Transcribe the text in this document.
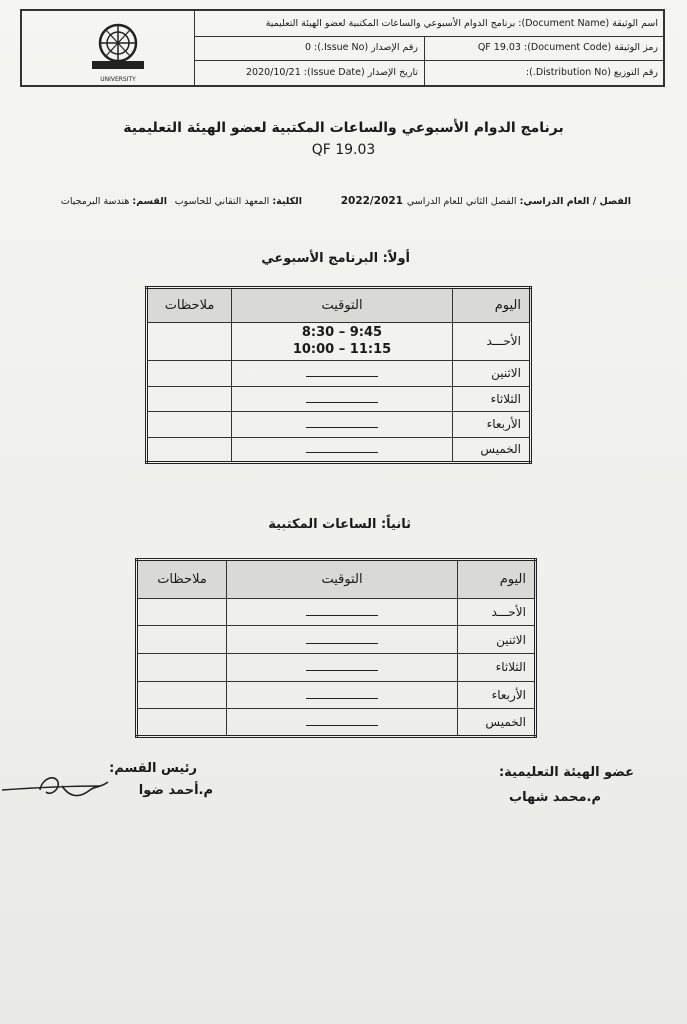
UNIVERSITY
اسم الوثيقة (Document Name): برنامج الدوام الأسبوعي والساعات المكتبية لعضو الهيئة التعليمية
رمز الوثيقة (Document Code): QF 19.03
رقم الإصدار (Issue No.): 0
رقم التوزيع (Distribution No.):
تاريخ الإصدار (Issue Date): 2020/10/21
برنامج الدوام الأسبوعي والساعات المكتبية لعضو الهيئة التعليمية
QF 19.03
الفصل / العام الدراسي: الفصل الثاني للعام الدراسي
2022/2021
الكلية: المعهد التقاني للحاسوب
القسم: هندسة البرمجيات
أولاً: البرنامج الأسبوعي
اليوم	التوقيت	ملاحظات
الأحـــد	8:30 – 9:45
10:00 – 11:15	

الاثنين		
الثلاثاء		
الأربعاء		
الخميس		
ثانياً: الساعات المكتبية
اليوم	التوقيت	ملاحظات
الأحـــد		
الاثنين		
الثلاثاء		
الأربعاء		
الخميس		
عضو الهيئة التعليمية:
م.محمد شهاب
رئيس القسم:
م.أحمد ضوا
